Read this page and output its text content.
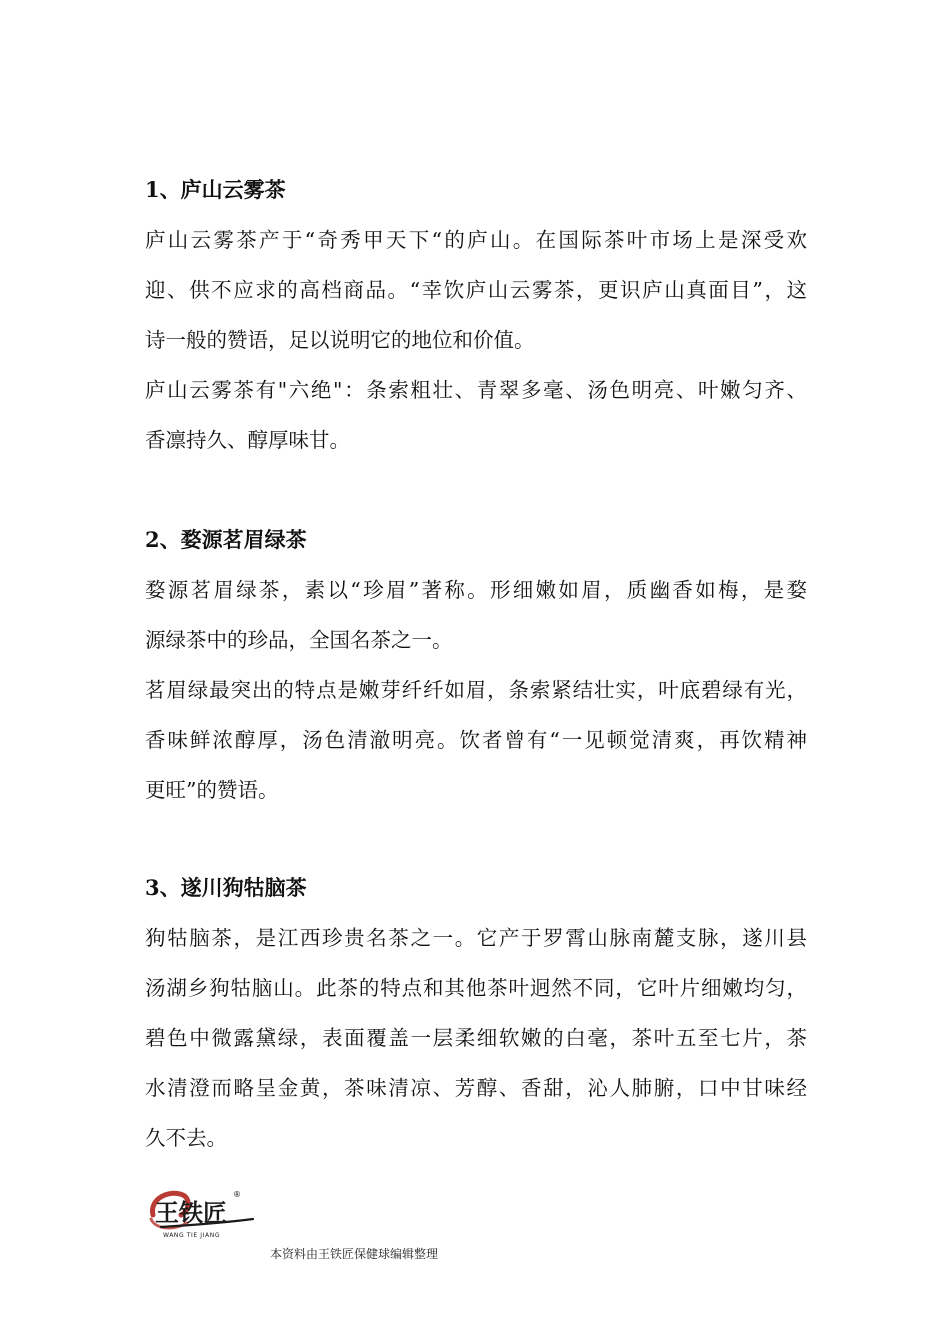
1、庐山云雾茶
庐山云雾茶产于“奇秀甲天下“的庐山。在国际茶叶市场上是深受欢
迎、供不应求的高档商品。“幸饮庐山云雾茶，更识庐山真面目”，这
诗一般的赞语，足以说明它的地位和价值。
庐山云雾茶有"六绝"：条索粗壮、青翠多毫、汤色明亮、叶嫩匀齐、
香凛持久、醇厚味甘。
2、婺源茗眉绿茶
婺源茗眉绿茶，素以“珍眉”著称。形细嫩如眉，质幽香如梅，是婺
源绿茶中的珍品，全国名茶之一。
茗眉绿最突出的特点是嫩芽纤纤如眉，条索紧结壮实，叶底碧绿有光，
香味鲜浓醇厚，汤色清澈明亮。饮者曾有“一见顿觉清爽，再饮精神
更旺”的赞语。
3、遂川狗牯脑茶
狗牯脑茶，是江西珍贵名茶之一。它产于罗霄山脉南麓支脉，遂川县
汤湖乡狗牯脑山。此茶的特点和其他茶叶迥然不同，它叶片细嫩均匀，
碧色中微露黛绿，表面覆盖一层柔细软嫩的白毫，茶叶五至七片，茶
水清澄而略呈金黄，茶味清凉、芳醇、香甜，沁人肺腑，口中甘味经
久不去。
王铁匠
®
WANG TIE JIANG
本资料由王铁匠保健球编辑整理
